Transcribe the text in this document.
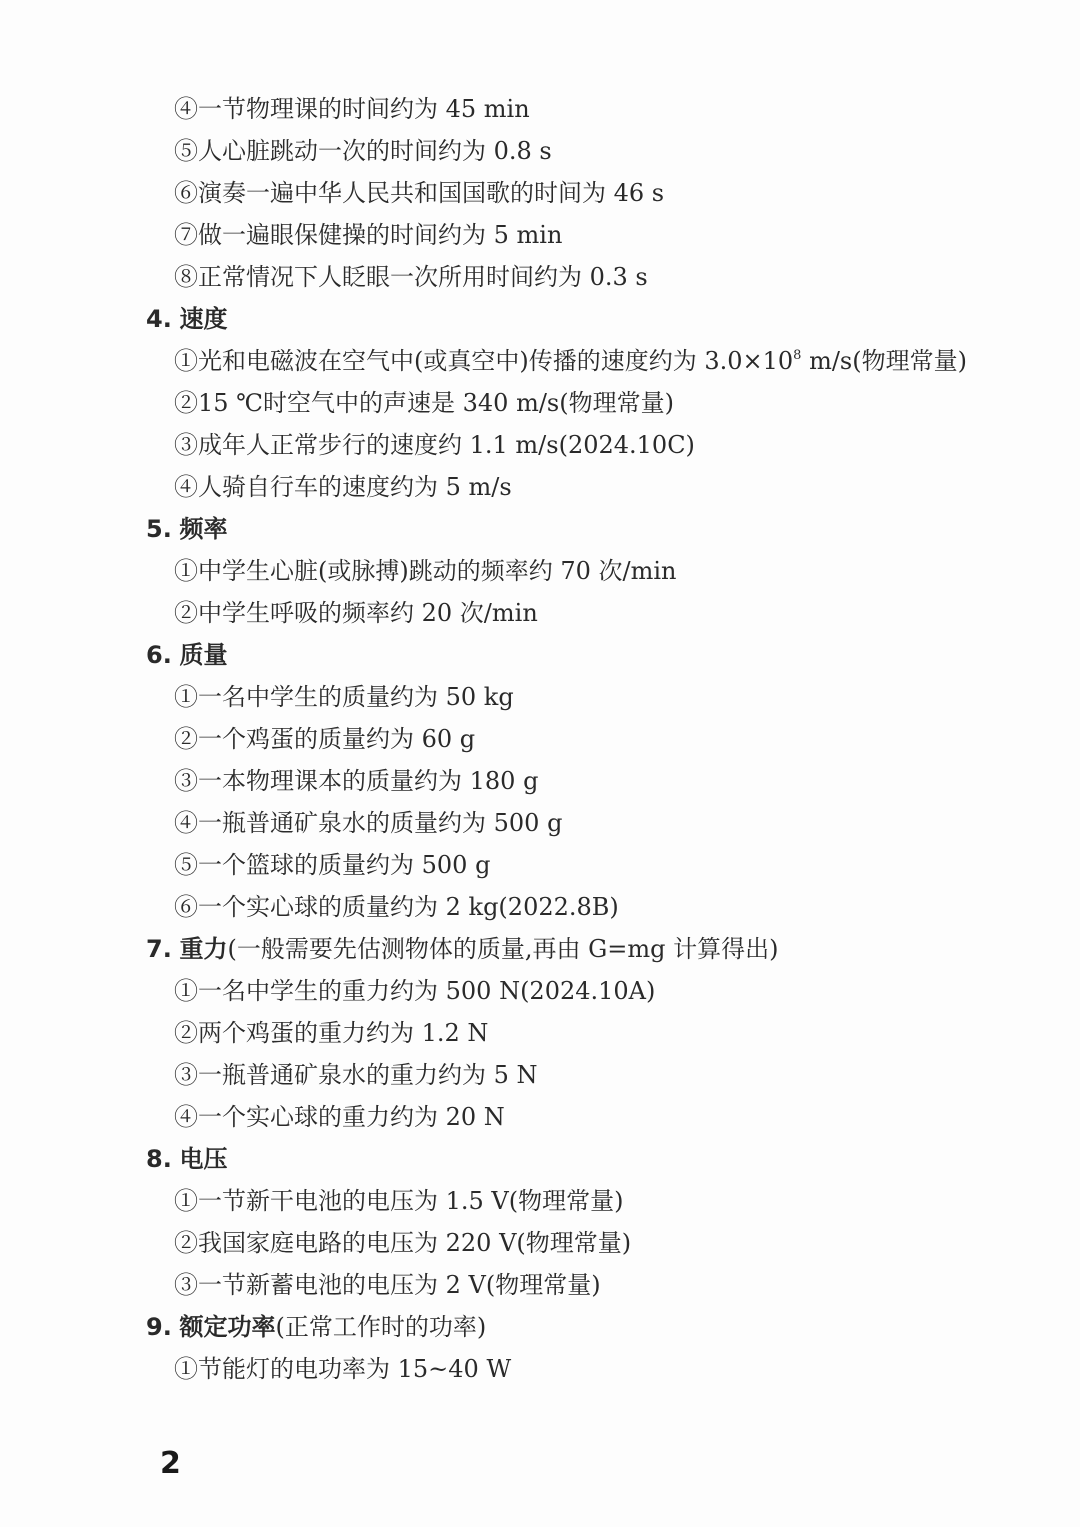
④一节物理课的时间约为 45 min
⑤人心脏跳动一次的时间约为 0.8 s
⑥演奏一遍中华人民共和国国歌的时间为 46 s
⑦做一遍眼保健操的时间约为 5 min
⑧正常情况下人眨眼一次所用时间约为 0.3 s
4. 速度
①光和电磁波在空气中(或真空中)传播的速度约为 $3.0\times 10^8$ m/s(物理常量)
②15 ℃时空气中的声速是 340 m/s(物理常量)
③成年人正常步行的速度约 1.1 m/s(2024.10C)
④人骑自行车的速度约为 5 m/s
5. 频率
①中学生心脏(或脉搏)跳动的频率约 70 次/min
②中学生呼吸的频率约 20 次/min
6. 质量
①一名中学生的质量约为 50 kg
②一个鸡蛋的质量约为 60 g
③一本物理课本的质量约为 180 g
④一瓶普通矿泉水的质量约为 500 g
⑤一个篮球的质量约为 500 g
⑥一个实心球的质量约为 2 kg(2022.8B)
7. 重力(一般需要先估测物体的质量,再由 G=mg 计算得出)
①一名中学生的重力约为 500 N(2024.10A)
②两个鸡蛋的重力约为 1.2 N
③一瓶普通矿泉水的重力约为 5 N
④一个实心球的重力约为 20 N
8. 电压
①一节新干电池的电压为 1.5 V(物理常量)
②我国家庭电路的电压为 220 V(物理常量)
③一节新蓄电池的电压为 2 V(物理常量)
9. 额定功率(正常工作时的功率)
①节能灯的电功率为 15~40 W
2
